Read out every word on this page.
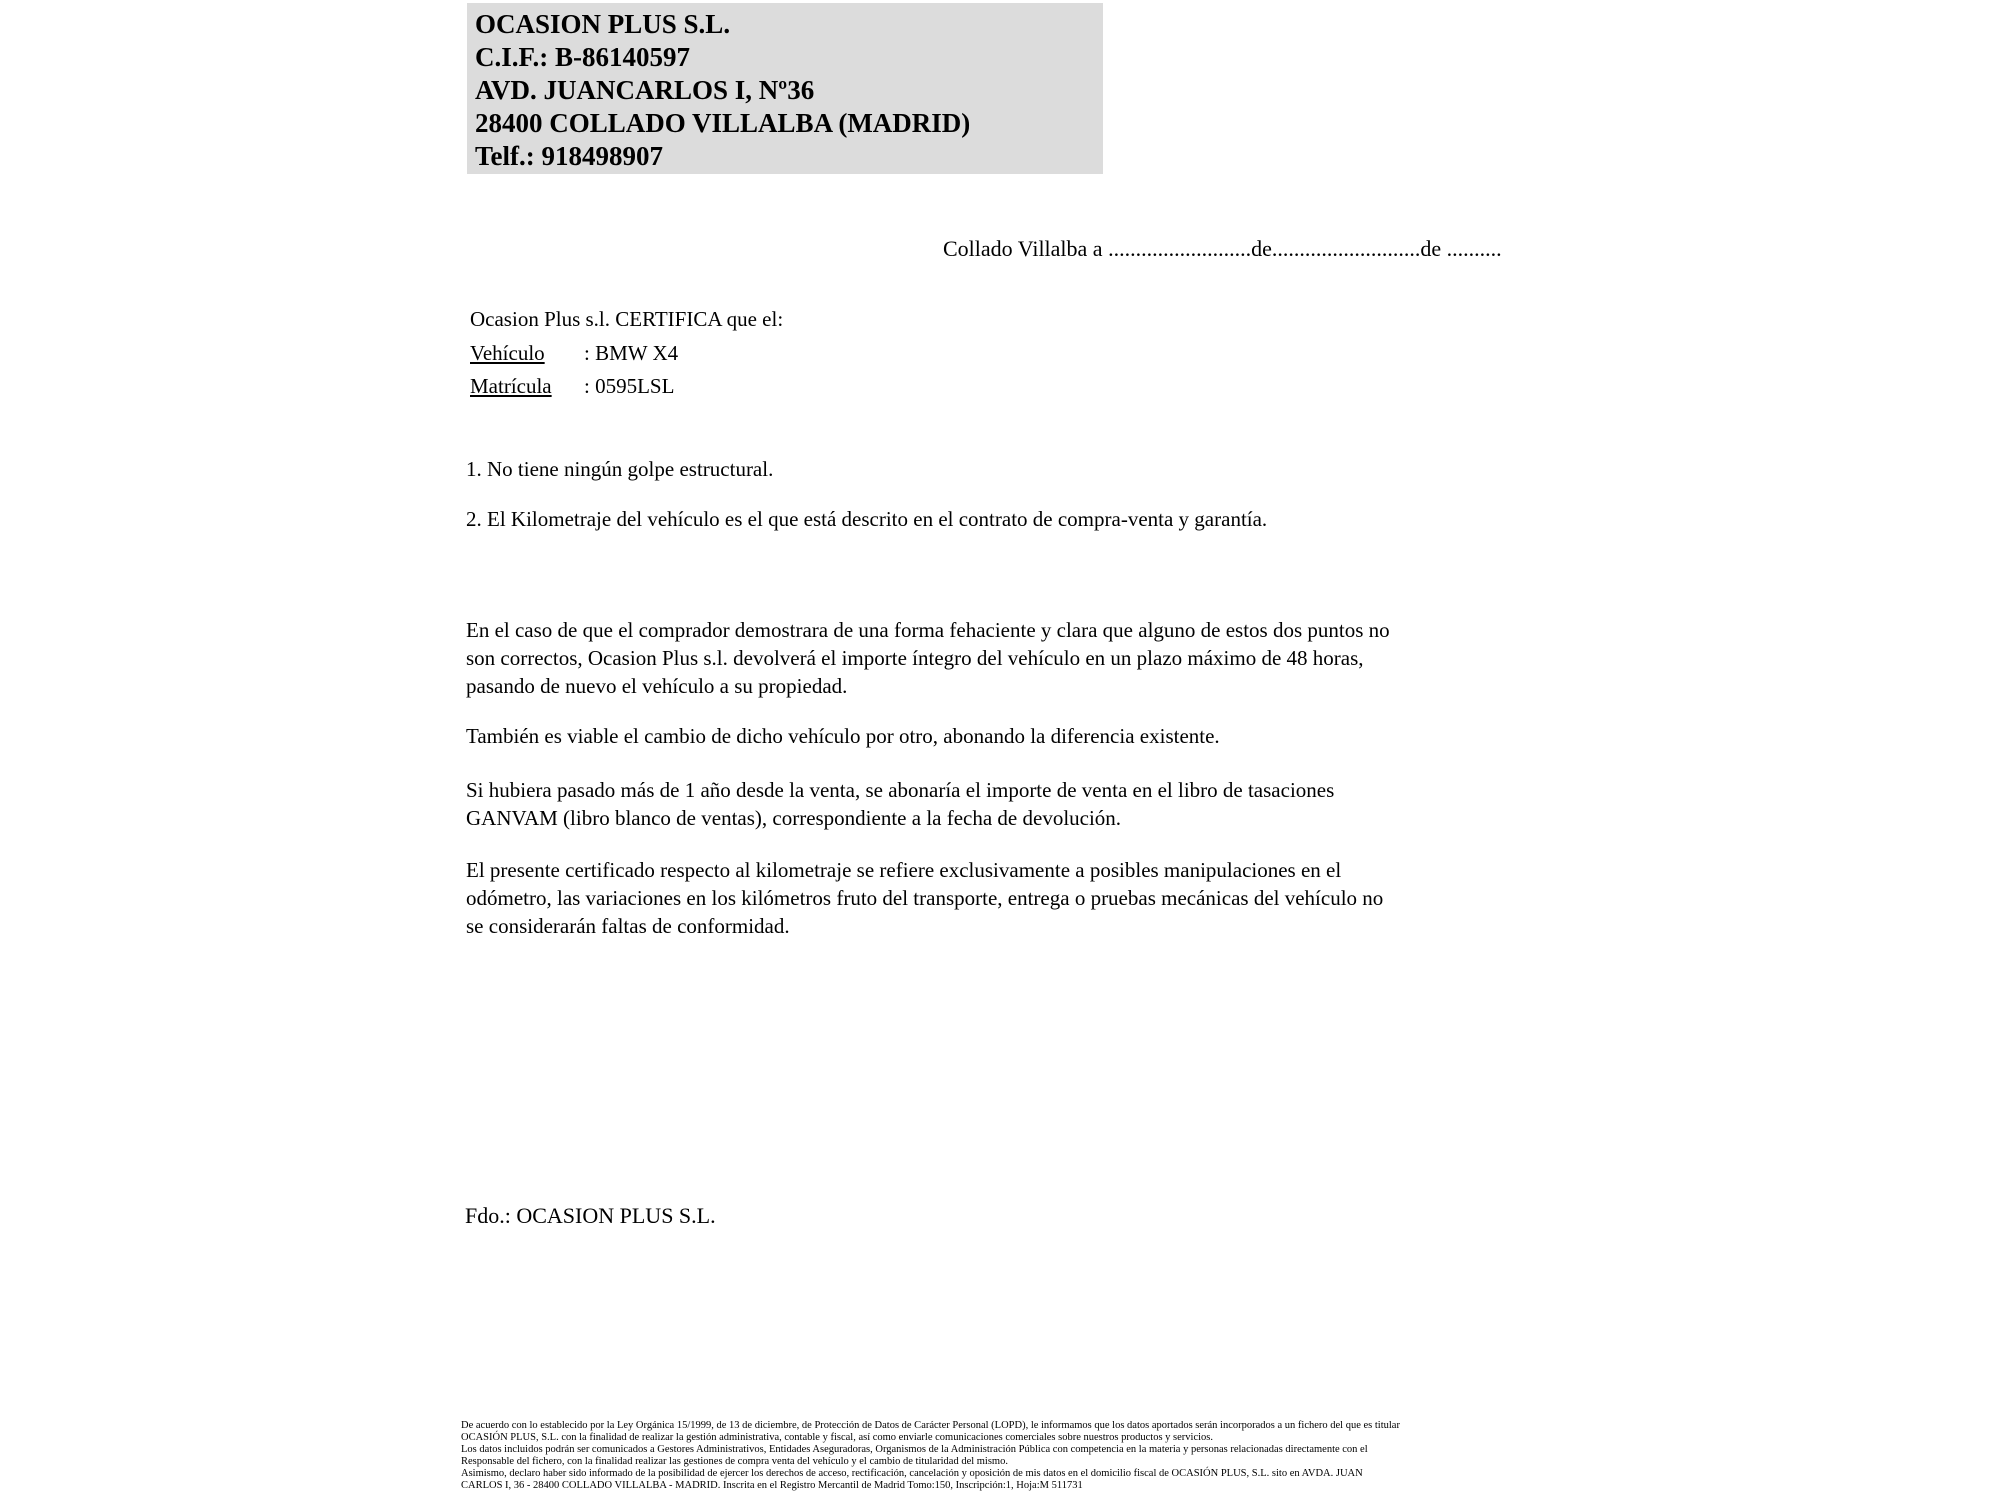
OCASION PLUS S.L.
C.I.F.: B-86140597
AVD. JUANCARLOS I, Nº36
28400 COLLADO VILLALBA (MADRID)
Telf.: 918498907
Collado Villalba a ..........................de...........................de ..........
Ocasion Plus s.l. CERTIFICA que el:
Vehículo : BMW X4
Matrícula : 0595LSL
1. No tiene ningún golpe estructural.
2. El Kilometraje del vehículo es el que está descrito en el contrato de compra-venta y garantía.
En el caso de que el comprador demostrara de una forma fehaciente y clara que alguno de estos dos puntos no
son correctos, Ocasion Plus s.l. devolverá el importe íntegro del vehículo en un plazo máximo de 48 horas,
pasando de nuevo el vehículo a su propiedad.
También es viable el cambio de dicho vehículo por otro, abonando la diferencia existente.
Si hubiera pasado más de 1 año desde la venta, se abonaría el importe de venta en el libro de tasaciones
GANVAM (libro blanco de ventas), correspondiente a la fecha de devolución.
El presente certificado respecto al kilometraje se refiere exclusivamente a posibles manipulaciones en el
odómetro, las variaciones en los kilómetros fruto del transporte, entrega o pruebas mecánicas del vehículo no
se considerarán faltas de conformidad.
Fdo.: OCASION PLUS S.L.
De acuerdo con lo establecido por la Ley Orgánica 15/1999, de 13 de diciembre, de Protección de Datos de Carácter Personal (LOPD), le informamos que los datos aportados serán incorporados a un fichero del que es titular
OCASIÓN PLUS, S.L. con la finalidad de realizar la gestión administrativa, contable y fiscal, así como enviarle comunicaciones comerciales sobre nuestros productos y servicios.
Los datos incluidos podrán ser comunicados a Gestores Administrativos, Entidades Aseguradoras, Organismos de la Administración Pública con competencia en la materia y personas relacionadas directamente con el
Responsable del fichero, con la finalidad realizar las gestiones de compra venta del vehículo y el cambio de titularidad del mismo.
Asimismo, declaro haber sido informado de la posibilidad de ejercer los derechos de acceso, rectificación, cancelación y oposición de mis datos en el domicilio fiscal de OCASIÓN PLUS, S.L. sito en AVDA. JUAN
CARLOS I, 36 - 28400 COLLADO VILLALBA - MADRID. Inscrita en el Registro Mercantil de Madrid Tomo:150, Inscripción:1, Hoja:M 511731
